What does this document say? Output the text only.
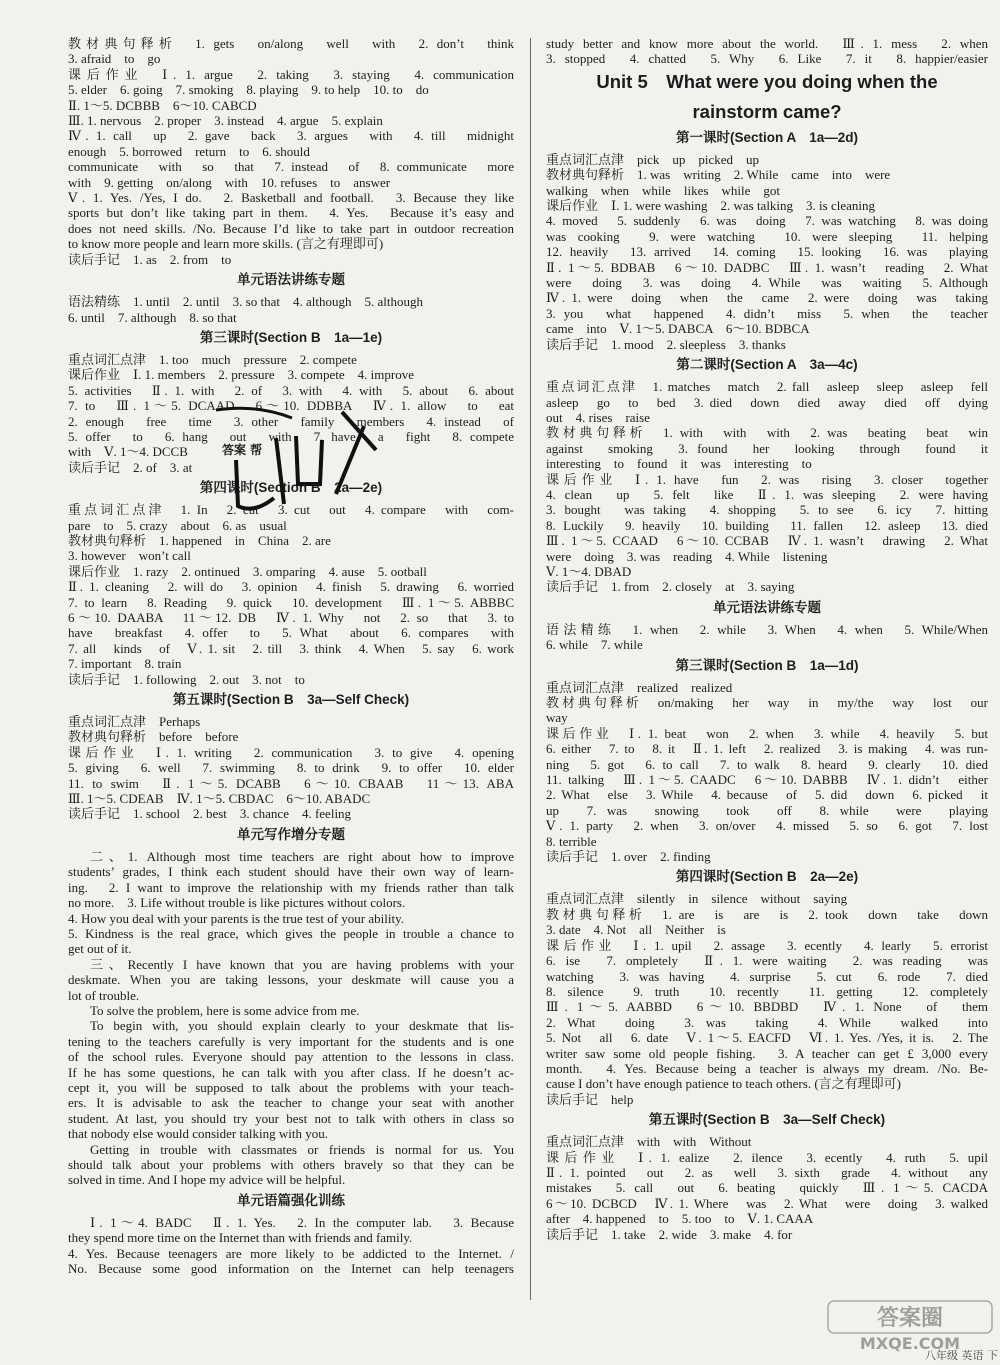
教材典句释析　1. gets　on/along　well　with　2. don’t　think
3. afraid　to　go
课后作业　Ⅰ. 1. argue　2. taking　3. staying　4. communication
5. elder　6. going　7. smoking　8. playing　9. to help　10. to　do
Ⅱ. 1～5. DCBBB　6～10. CABCD
Ⅲ. 1. nervous　2. proper　3. instead　4. argue　5. explain
Ⅳ. 1. call　up　2. gave　back　3. argues　with　4. till　midnight
enough　5. borrowed　return　to　6. should
communicate　with　so　that　7. instead　of　8. communicate　more
with　9. getting　on/along　with　10. refuses　to　answer
Ⅴ. 1. Yes. /Yes, I do.　2. Basketball and football.　3. Because they like
sports but don’t like taking part in them.　4. Yes.　Because it’s easy and
does not need skills. /No. Because I’d like to take part in outdoor recreation
to know more people and learn more skills. (言之有理即可)
读后手记　1. as　2. from　to
单元语法讲练专题
语法精练　1. until　2. until　3. so that　4. although　5. although
6. until　7. although　8. so that
第三课时(Section B　1a—1e)
重点词汇点津　1. too　much　pressure　2. compete
课后作业　Ⅰ. 1. members　2. pressure　3. compete　4. improve
5. activities　Ⅱ. 1. with　2. of　3. with　4. with　5. about　6. about
7. to　Ⅲ. 1～5. DCAAD　6～10. DDBBA　Ⅳ. 1. allow　to　eat
2. enough　free　time　3. other　family　members　4. instead　of
5. offer　to　6. hang　out　with　7. have　a　fight　8. compete
with　Ⅴ. 1～4. DCCB
读后手记　2. of　3. at
第四课时(Section B　2a—2e)
重点词汇点津　1. In　2. cut　3. cut　out　4. compare　with　com-
pare　to　5. crazy　about　6. as　usual
教材典句释析　1. happened　in　China　2. are
3. however　won’t call
课后作业　1. razy　2. ontinued　3. omparing　4. ause　5. ootball
Ⅱ. 1. cleaning　2. will do　3. opinion　4. finish　5. drawing　6. worried
7. to learn　8. Reading　9. quick　10. development　Ⅲ. 1～5. ABBBC
6～10. DAABA　11～12. DB　Ⅳ. 1. Why　not　2. so　that　3. to
have　breakfast　4. offer　to　5. What　about　6. compares　with
7. all　kinds　of　Ⅴ. 1. sit　2. till　3. think　4. When　5. say　6. work
7. important　8. train
读后手记　1. following　2. out　3. not　to
第五课时(Section B　3a—Self Check)
重点词汇点津　Perhaps
教材典句释析　before　before
课后作业　Ⅰ. 1. writing　2. communication　3. to give　4. opening
5. giving　6. well　7. swimming　8. to drink　9. to offer　10. elder
11. to swim　Ⅱ. 1～5. DCABB　6～10. CBAAB　11～13. ABA
Ⅲ. 1～5. CDEAB　Ⅳ. 1～5. CBDAC　6～10. ABADC
读后手记　1. school　2. best　3. chance　4. feeling
单元写作增分专题
二、1. Although most time teachers are right about how to improve
students’ grades, I think each student should have their own way of learn-
ing.　2. I want to improve the relationship with my friends rather than talk
no more.　3. Life without trouble is like pictures without colors.
4. How you deal with your parents is the true test of your ability.
5. Kindness is the real grace, which gives the people in trouble a chance to
get out of it.
三、Recently I have known that you are having problems with your
deskmate. When you are taking lessons, your deskmate will cause you a
lot of trouble.
To solve the problem, here is some advice from me.
To begin with, you should explain clearly to your deskmate that lis-
tening to the teachers carefully is very important for the students and is one
of the school rules. Everyone should pay attention to the lessons in class.
If he has some questions, he can talk with you after class. If he doesn’t ac-
cept it, you will be supposed to talk about the problems with your teach-
ers. It is advisable to ask the teacher to change your seat with another
student. At last, you should try your best not to talk with others in class so
that nobody else would consider talking with you.
Getting in trouble with classmates or friends is normal for us. You
should talk about your problems with others bravely so that they can be
solved in time. And I hope my advice will be helpful.
单元语篇强化训练
Ⅰ. 1～4. BADC　Ⅱ. 1. Yes.　2. In the computer lab.　3. Because
they spend more time on the Internet than with friends and family.
4. Yes. Because teenagers are more likely to be addicted to the Internet. /
No. Because some good information on the Internet can help teenagers
study better and know more about the world.　Ⅲ. 1. mess　2. when
3. stopped　4. chatted　5. Why　6. Like　7. it　8. happier/easier
Unit 5　What were you doing when the
rainstorm came?
第一课时(Section A　1a—2d)
重点词汇点津　pick　up　picked　up
教材典句释析　1. was　writing　2. While　came　into　were
walking　when　while　likes　while　got
课后作业　Ⅰ. 1. were washing　2. was talking　3. is cleaning
4. moved　5. suddenly　6. was　doing　7. was watching　8. was doing
was cooking　9. were watching　10. were sleeping　11. helping
12. heavily　13. arrived　14. coming　15. looking　16. was　playing
Ⅱ. 1～5. BDBAB　6～10. DADBC　Ⅲ. 1. wasn’t　reading　2. What
were　doing　3. was　doing　4. While　was　waiting　5. Although
Ⅳ. 1. were　doing　when　the　came　2. were　doing　was　taking
3. you　what　happened　4. didn’t　miss　5. when　the　teacher
came　into　Ⅴ. 1～5. DABCA　6～10. BDBCA
读后手记　1. mood　2. sleepless　3. thanks
第二课时(Section A　3a—4c)
重点词汇点津　1. matches　match　2. fall　asleep　sleep　asleep　fell
asleep　go　to　bed　3. died　down　died　away　died　off　dying
out　4. rises　raise
教材典句释析　1. with　with　with　2. was　beating　beat　win
against　smoking　3. found　her　looking　through　found　it
interesting　to　found　it　was　interesting　to
课后作业　Ⅰ. 1. have　fun　2. was　rising　3. closer　together
4. clean　up　5. felt　like　Ⅱ. 1. was sleeping　2. were having
3. bought　was taking　4. shopping　5. to see　6. icy　7. hitting
8. Luckily　9. heavily　10. building　11. fallen　12. asleep　13. died
Ⅲ. 1～5. CCAAD　6～10. CCBAB　Ⅳ. 1. wasn’t　drawing　2. What
were　doing　3. was　reading　4. While　listening
Ⅴ. 1～4. DBAD
读后手记　1. from　2. closely　at　3. saying
单元语法讲练专题
语法精练　1. when　2. while　3. When　4. when　5. While/When
6. while　7. while
第三课时(Section B　1a—1d)
重点词汇点津　realized　realized
教材典句释析　on/making　her　way　in　my/the　way　lost　our
way
课后作业　Ⅰ. 1. beat　won　2. when　3. while　4. heavily　5. but
6. either　7. to　8. it　Ⅱ. 1. left　2. realized　3. is making　4. was run-
ning　5. got　6. to call　7. to walk　8. heard　9. clearly　10. died
11. talking　Ⅲ. 1～5. CAADC　6～10. DABBB　Ⅳ. 1. didn’t　either
2. What　else　3. While　4. because　of　5. did　down　6. picked　it
up　7. was　snowing　took　off　8. while　were　playing
Ⅴ. 1. party　2. when　3. on/over　4. missed　5. so　6. got　7. lost
8. terrible
读后手记　1. over　2. finding
第四课时(Section B　2a—2e)
重点词汇点津　silently　in　silence　without　saying
教材典句释析　1. are　is　are　is　2. took　down　take　down
3. date　4. Not　all　Neither　is
课后作业　Ⅰ. 1. upil　2. assage　3. ecently　4. learly　5. errorist
6. ise　7. ompletely　Ⅱ. 1. were waiting　2. was reading　was
watching　3. was having　4. surprise　5. cut　6. rode　7. died
8. silence　9. truth　10. recently　11. getting　12. completely
Ⅲ. 1～5. AABBD　6～10. BBDBD　Ⅳ. 1. None　of　them
2. What　doing　3. was　taking　4. While　walked　into
5. Not　all　6. date　Ⅴ. 1～5. EACFD　Ⅵ. 1. Yes. /Yes, it is.　2. The
writer saw some old people fishing.　3. A teacher can get £ 3,000 every
month.　4. Yes. Because being a teacher is always my dream. /No. Be-
cause I don’t have enough patience to teach others. (言之有理即可)
读后手记　help
第五课时(Section B　3a—Self Check)
重点词汇点津　with　with　Without
课后作业　Ⅰ. 1. ealize　2. ilence　3. ecently　4. ruth　5. upil
Ⅱ. 1. pointed　out　2. as　well　3. sixth　grade　4. without　any
mistakes　5. call　out　6. beating　quickly　Ⅲ. 1～5. CACDA
6～10. DCBCD　Ⅳ. 1. Where　was　2. What　were　doing　3. walked
after　4. happened　to　5. too　to　Ⅴ. 1. CAAA
读后手记　1. take　2. wide　3. make　4. for
答案 帮
答案圈
MXQE.COM
八年级 英语 下
